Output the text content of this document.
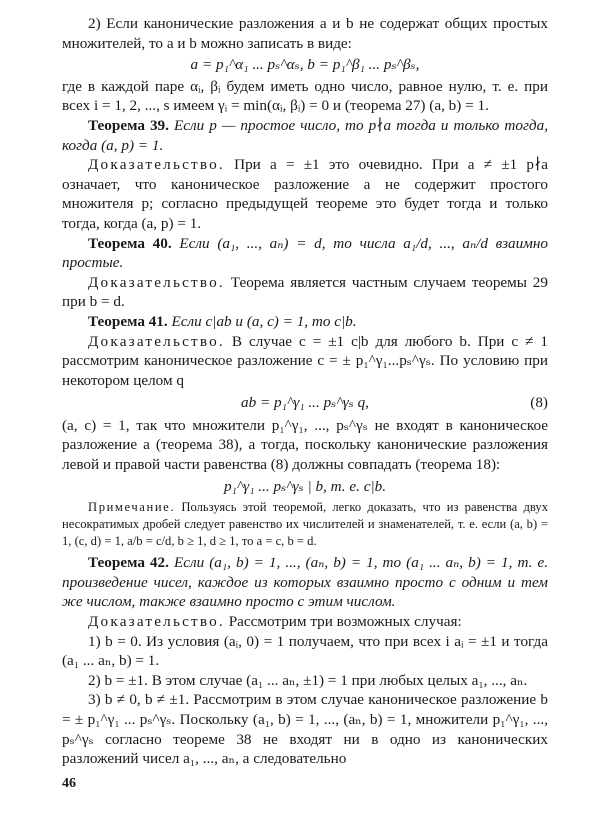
2) Если канонические разложения a и b не содержат общих простых множителей, то a и b можно записать в виде:

a = p₁^α₁ ... pₛ^αₛ, b = p₁^β₁ ... pₛ^βₛ,

где в каждой паре αᵢ, βᵢ будем иметь одно число, равное нулю, т. е. при всех i = 1, 2, ..., s имеем γᵢ = min(αᵢ, βᵢ) = 0 и (теорема 27) (a, b) = 1.

Теорема 39. Если p — простое число, то p∤a тогда и только тогда, когда (a, p) = 1.

Доказательство. При a = ±1 это очевидно. При a ≠ ±1 p∤a означает, что каноническое разложение a не содержит простого множителя p; согласно предыдущей теореме это будет тогда и только тогда, когда (a, p) = 1.

Теорема 40. Если (a₁, ..., aₙ) = d, то числа a₁/d, ..., aₙ/d взаимно простые.

Доказательство. Теорема является частным случаем теоремы 29 при b = d.

Теорема 41. Если c|ab и (a, c) = 1, то c|b.

Доказательство. В случае c = ±1 c|b для любого b. При c ≠ 1 рассмотрим каноническое разложение c = ± p₁^γ₁...pₛ^γₛ. По условию при некотором целом q

ab = p₁^γ₁ ... pₛ^γₛ q,	(8)

(a, c) = 1, так что множители p₁^γ₁, ..., pₛ^γₛ не входят в каноническое разложение a (теорема 38), а тогда, поскольку канонические разложения левой и правой части равенства (8) должны совпадать (теорема 18):

p₁^γ₁ ... pₛ^γₛ | b, т. е. c|b.

Примечание. Пользуясь этой теоремой, легко доказать, что из равенства двух несократимых дробей следует равенство их числителей и знаменателей, т. е. если (a, b) = 1, (c, d) = 1, a/b = c/d, b ≥ 1, d ≥ 1, то a = c, b = d.

Теорема 42. Если (a₁, b) = 1, ..., (aₙ, b) = 1, то (a₁ ... aₙ, b) = 1, т. е. произведение чисел, каждое из которых взаимно просто с одним и тем же числом, также взаимно просто с этим числом.

Доказательство. Рассмотрим три возможных случая:

1) b = 0. Из условия (aᵢ, 0) = 1 получаем, что при всех i aᵢ = ±1 и тогда (a₁ ... aₙ, b) = 1.

2) b = ±1. В этом случае (a₁ ... aₙ, ±1) = 1 при любых целых a₁, ..., aₙ.

3) b ≠ 0, b ≠ ±1. Рассмотрим в этом случае каноническое разложение b = ± p₁^γ₁ ... pₛ^γₛ. Поскольку (a₁, b) = 1, ..., (aₙ, b) = 1, множители p₁^γ₁, ..., pₛ^γₛ согласно теореме 38 не входят ни в одно из канонических разложений чисел a₁, ..., aₙ, а следовательно

46
